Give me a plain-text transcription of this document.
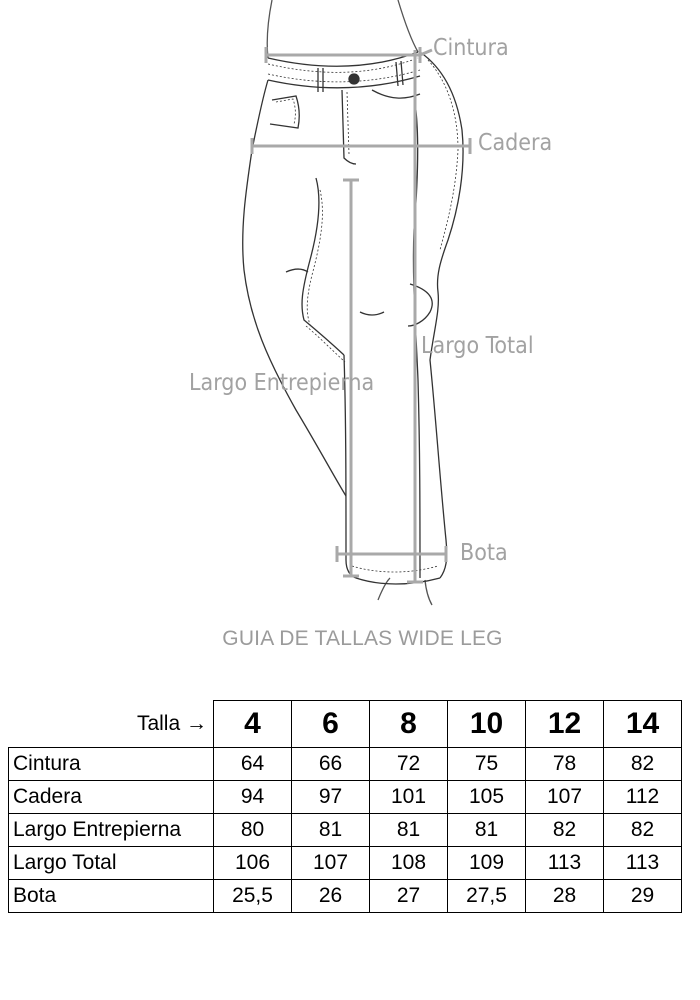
Cintura
Cadera
Largo Total
Largo Entrepierna
Bota
GUIA DE TALLAS WIDE LEG
Talla →	4	6	8	10	12	14
Cintura	64	66	72	75	78	82
Cadera	94	97	101	105	107	112
Largo Entrepierna	80	81	81	81	82	82
Largo Total	106	107	108	109	113	113
Bota	25,5	26	27	27,5	28	29
